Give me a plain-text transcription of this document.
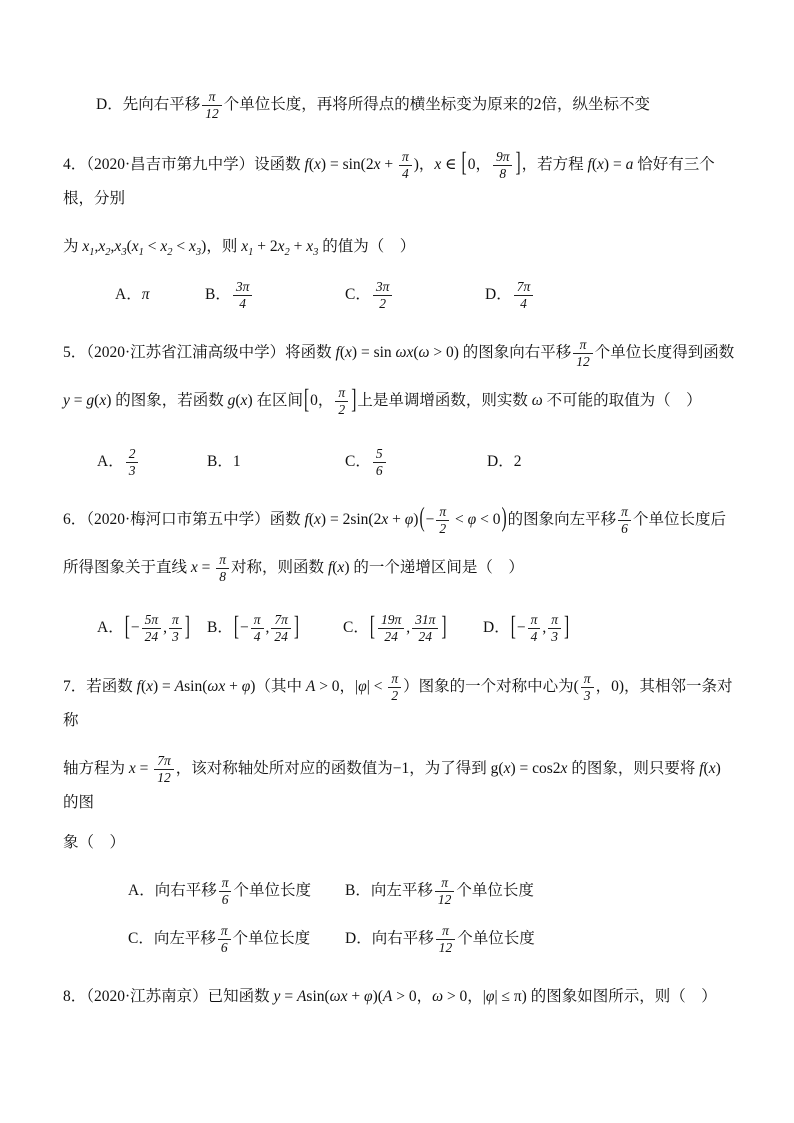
D．先向右平移 $\frac{\pi}{12}$ 个单位长度，再将所得点的横坐标变为原来的2倍，纵坐标不变
4．（2020·昌吉市第九中学）设函数 $f(x) = \sin(2x + \frac{\pi}{4}$ )，x ∈ [0， $\frac{9\pi}{8}$ ]，若方程 f(x) = a 恰好有三个根，分别
为 $x_1,x_2,x_3(x_1 < x_2 < x_3)$，则 $x_1 + 2x_2 + x_3$ 的值为（　）
A．π	B． $\frac{3\pi}{4}$	C． $\frac{3\pi}{2}$	D． $\frac{7\pi}{4}$
5．（2020·江苏省江浦高级中学）将函数 f(x) = sin ωx(ω > 0) 的图象向右平移 $\frac{\pi}{12}$ 个单位长度得到函数
y = g(x) 的图象，若函数 g(x) 在区间[0， $\frac{\pi}{2}$ ]上是单调增函数，则实数 ω 不可能的取值为（　）
A． $\frac{2}{3}$	B．1	C． $\frac{5}{6}$	D．2
6．（2020·梅河口市第五中学）函数 $f(x) = 2\sin(2x + \varphi)(- \frac{\pi}{2} < \varphi < 0)$的图象向左平移 $\frac{\pi}{6}$ 个单位长度后
所得图象关于直线 $x = \frac{\pi}{8}$ 对称，则函数 f(x) 的一个递增区间是（　）
A．[− $\frac{5\pi}{24}$ , $\frac{\pi}{3}$ ]	B．[− $\frac{\pi}{4}$ , $\frac{7\pi}{24}$ ]	C．[ $\frac{19\pi}{24}$ , $\frac{31\pi}{24}$ ]	D．[− $\frac{\pi}{4}$ , $\frac{\pi}{3}$ ]
7．若函数 f(x) = Asin(ωx + φ)（其中 A > 0，$|\varphi| < \frac{\pi}{2}$ ）图象的一个对称中心为( $\frac{\pi}{3}$ ，0)，其相邻一条对称
轴方程为 $x = \frac{7\pi}{12}$ ，该对称轴处所对应的函数值为−1，为了得到 g(x) = cos2x 的图象，则只要将 f(x) 的图
象（　）
A．向右平移 $\frac{\pi}{6}$ 个单位长度	B．向左平移 $\frac{\pi}{12}$ 个单位长度
C．向左平移 $\frac{\pi}{6}$ 个单位长度	D．向右平移 $\frac{\pi}{12}$ 个单位长度
8．（2020·江苏南京）已知函数 y = Asin(ωx + φ)(A > 0，ω > 0，|φ| ≤ π) 的图象如图所示，则（　）
